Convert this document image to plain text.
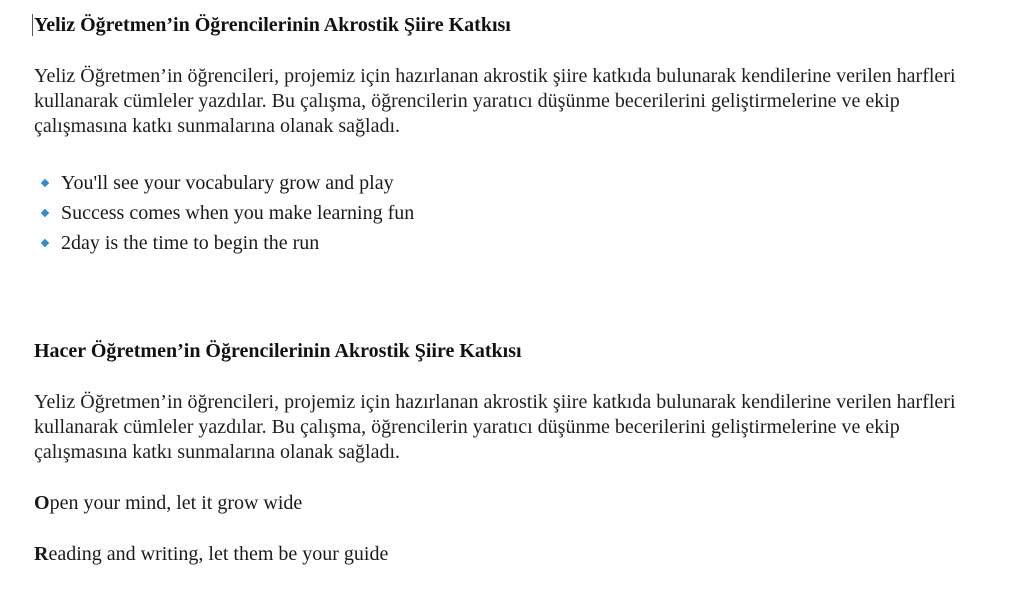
Yeliz Öğretmen’in Öğrencilerinin Akrostik Şiire Katkısı

Yeliz Öğretmen’in öğrencileri, projemiz için hazırlanan akrostik şiire katkıda bulunarak kendilerine verilen harfleri kullanarak cümleler yazdılar. Bu çalışma, öğrencilerin yaratıcı düşünme becerilerini geliştirmelerine ve ekip çalışmasına katkı sunmalarına olanak sağladı.

You'll see your vocabulary grow and play
Success comes when you make learning fun
2day is the time to begin the run
Hacer Öğretmen’in Öğrencilerinin Akrostik Şiire Katkısı

Yeliz Öğretmen’in öğrencileri, projemiz için hazırlanan akrostik şiire katkıda bulunarak kendilerine verilen harfleri kullanarak cümleler yazdılar. Bu çalışma, öğrencilerin yaratıcı düşünme becerilerini geliştirmelerine ve ekip çalışmasına katkı sunmalarına olanak sağladı.

Open your mind, let it grow wide

Reading and writing, let them be your guide
